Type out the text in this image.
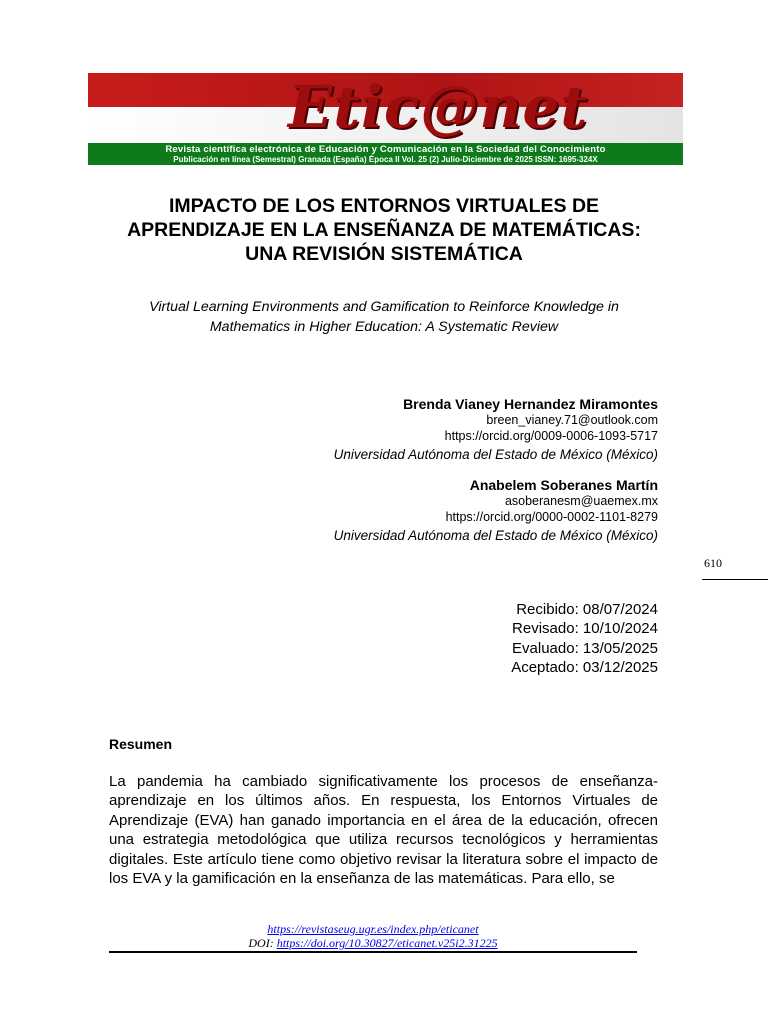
Etic@net
Revista científica electrónica de Educación y Comunicación en la Sociedad del Conocimiento
Publicación en línea (Semestral) Granada (España) Época II Vol. 25 (2) Julio-Diciembre de 2025 ISSN: 1695-324X
IMPACTO DE LOS ENTORNOS VIRTUALES DE
APRENDIZAJE EN LA ENSEÑANZA DE MATEMÁTICAS:
UNA REVISIÓN SISTEMÁTICA

Virtual Learning Environments and Gamification to Reinforce Knowledge in
Mathematics in Higher Education: A Systematic Review

Brenda Vianey Hernandez Miramontes
breen_vianey.71@outlook.com
https://orcid.org/0009-0006-1093-5717
Universidad Autónoma del Estado de México (México)
Anabelem Soberanes Martín
asoberanesm@uaemex.mx
https://orcid.org/0000-0002-1101-8279
Universidad Autónoma del Estado de México (México)
610
Recibido: 08/07/2024
Revisado: 10/10/2024
Evaluado: 13/05/2025
Aceptado: 03/12/2025
Resumen

La pandemia ha cambiado significativamente los procesos de enseñanza-aprendizaje en los últimos años. En respuesta, los Entornos Virtuales de Aprendizaje (EVA) han ganado importancia en el área de la educación, ofrecen una estrategia metodológica que utiliza recursos tecnológicos y herramientas digitales. Este artículo tiene como objetivo revisar la literatura sobre el impacto de los EVA y la gamificación en la enseñanza de las matemáticas. Para ello, se

https://revistaseug.ugr.es/index.php/eticanet
DOI: https://doi.org/10.30827/eticanet.v25i2.31225
